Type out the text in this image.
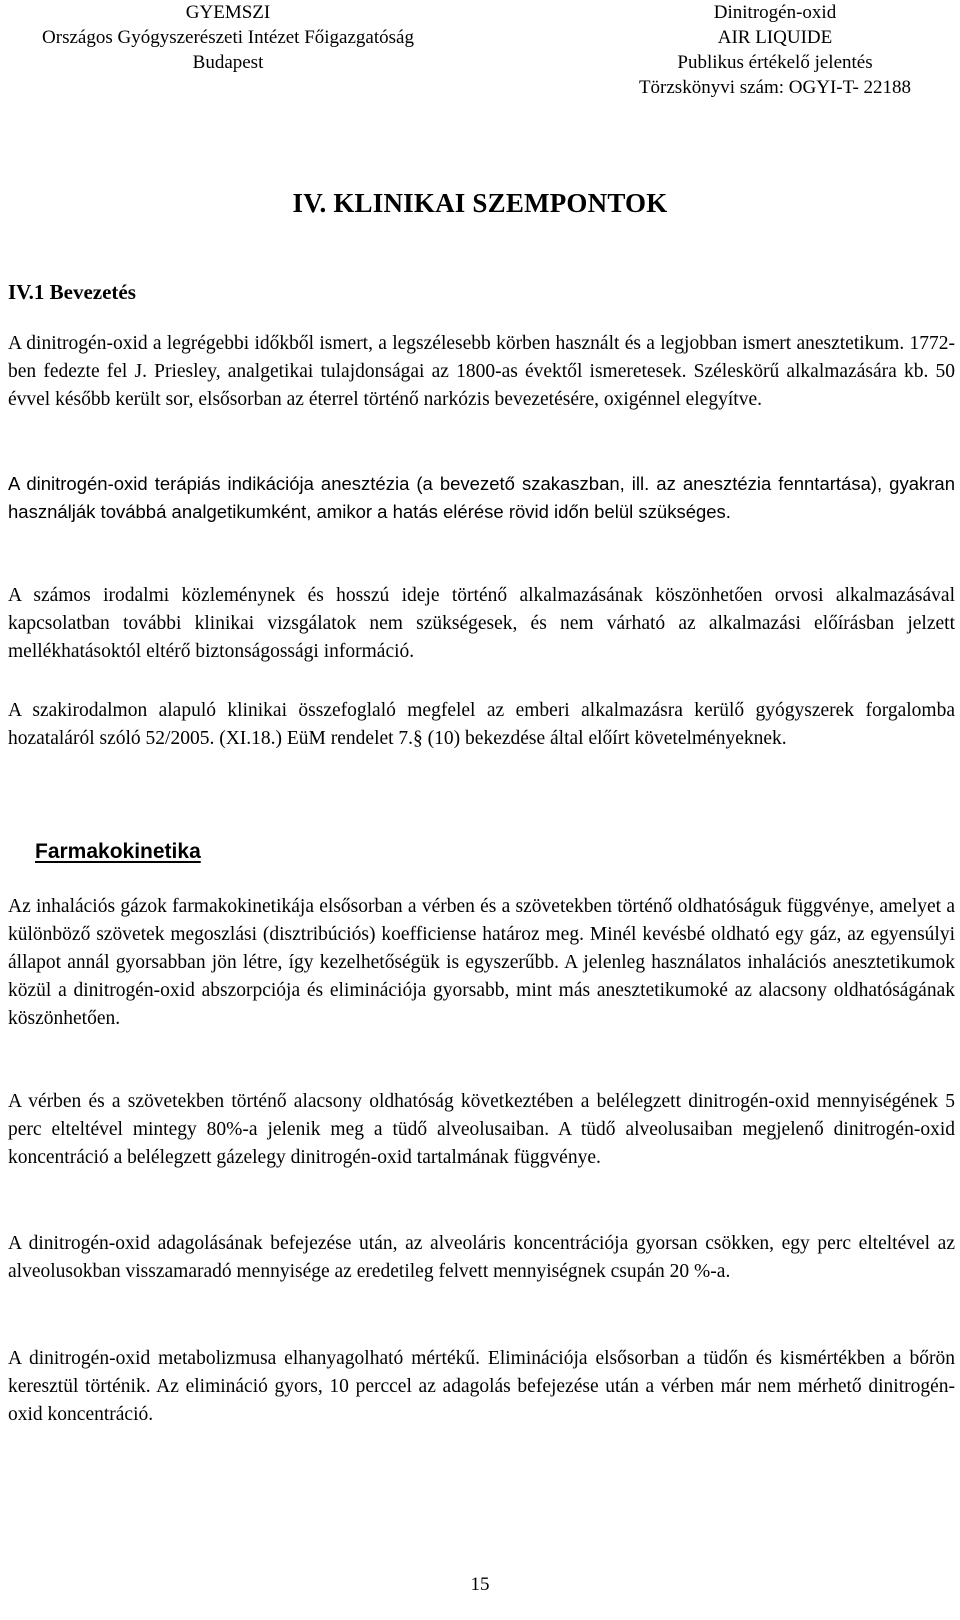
GYEMSZI
Országos Gyógyszerészeti Intézet Főigazgatóság
Budapest
Dinitrogén-oxid
AIR LIQUIDE
Publikus értékelő jelentés
Törzskönyvi szám: OGYI-T- 22188
IV. KLINIKAI SZEMPONTOK
IV.1 Bevezetés
A dinitrogén-oxid a legrégebbi időkből ismert, a legszélesebb körben használt és a legjobban ismert anesztetikum. 1772-ben fedezte fel J. Priesley, analgetikai tulajdonságai az 1800-as évektől ismeretesek. Széleskörű alkalmazására kb. 50 évvel később került sor, elsősorban az éterrel történő narkózis bevezetésére, oxigénnel elegyítve.
A dinitrogén-oxid terápiás indikációja anesztézia (a bevezető szakaszban, ill. az anesztézia fenntartása), gyakran használják továbbá analgetikumként, amikor a hatás elérése rövid időn belül szükséges.
A számos irodalmi közleménynek és hosszú ideje történő alkalmazásának köszönhetően orvosi alkalmazásával kapcsolatban további klinikai vizsgálatok nem szükségesek, és nem várható az alkalmazási előírásban jelzett mellékhatásoktól eltérő biztonságossági információ.
A szakirodalmon alapuló klinikai összefoglaló megfelel az emberi alkalmazásra kerülő gyógyszerek forgalomba hozataláról szóló 52/2005. (XI.18.) EüM rendelet 7.§ (10) bekezdése által előírt követelményeknek.
Farmakokinetika
Az inhalációs gázok farmakokinetikája elsősorban a vérben és a szövetekben történő oldhatóságuk függvénye, amelyet a különböző szövetek megoszlási (disztribúciós) koefficiense határoz meg. Minél kevésbé oldható egy gáz, az egyensúlyi állapot annál gyorsabban jön létre, így kezelhetőségük is egyszerűbb. A jelenleg használatos inhalációs anesztetikumok közül a dinitrogén-oxid abszorpciója és eliminációja gyorsabb, mint más anesztetikumoké az alacsony oldhatóságának köszönhetően.
A vérben és a szövetekben történő alacsony oldhatóság következtében a belélegzett dinitrogén-oxid mennyiségének 5 perc elteltével mintegy 80%-a jelenik meg a tüdő alveolusaiban. A tüdő alveolusaiban megjelenő dinitrogén-oxid koncentráció a belélegzett gázelegy dinitrogén-oxid tartalmának függvénye.
A dinitrogén-oxid adagolásának befejezése után, az alveoláris koncentrációja gyorsan csökken, egy perc elteltével az alveolusokban visszamaradó mennyisége az eredetileg felvett mennyiségnek csupán 20 %-a.
A dinitrogén-oxid metabolizmusa elhanyagolható mértékű. Eliminációja elsősorban a tüdőn és kismértékben a bőrön keresztül történik. Az elimináció gyors, 10 perccel az adagolás befejezése után a vérben már nem mérhető dinitrogén-oxid koncentráció.
15
